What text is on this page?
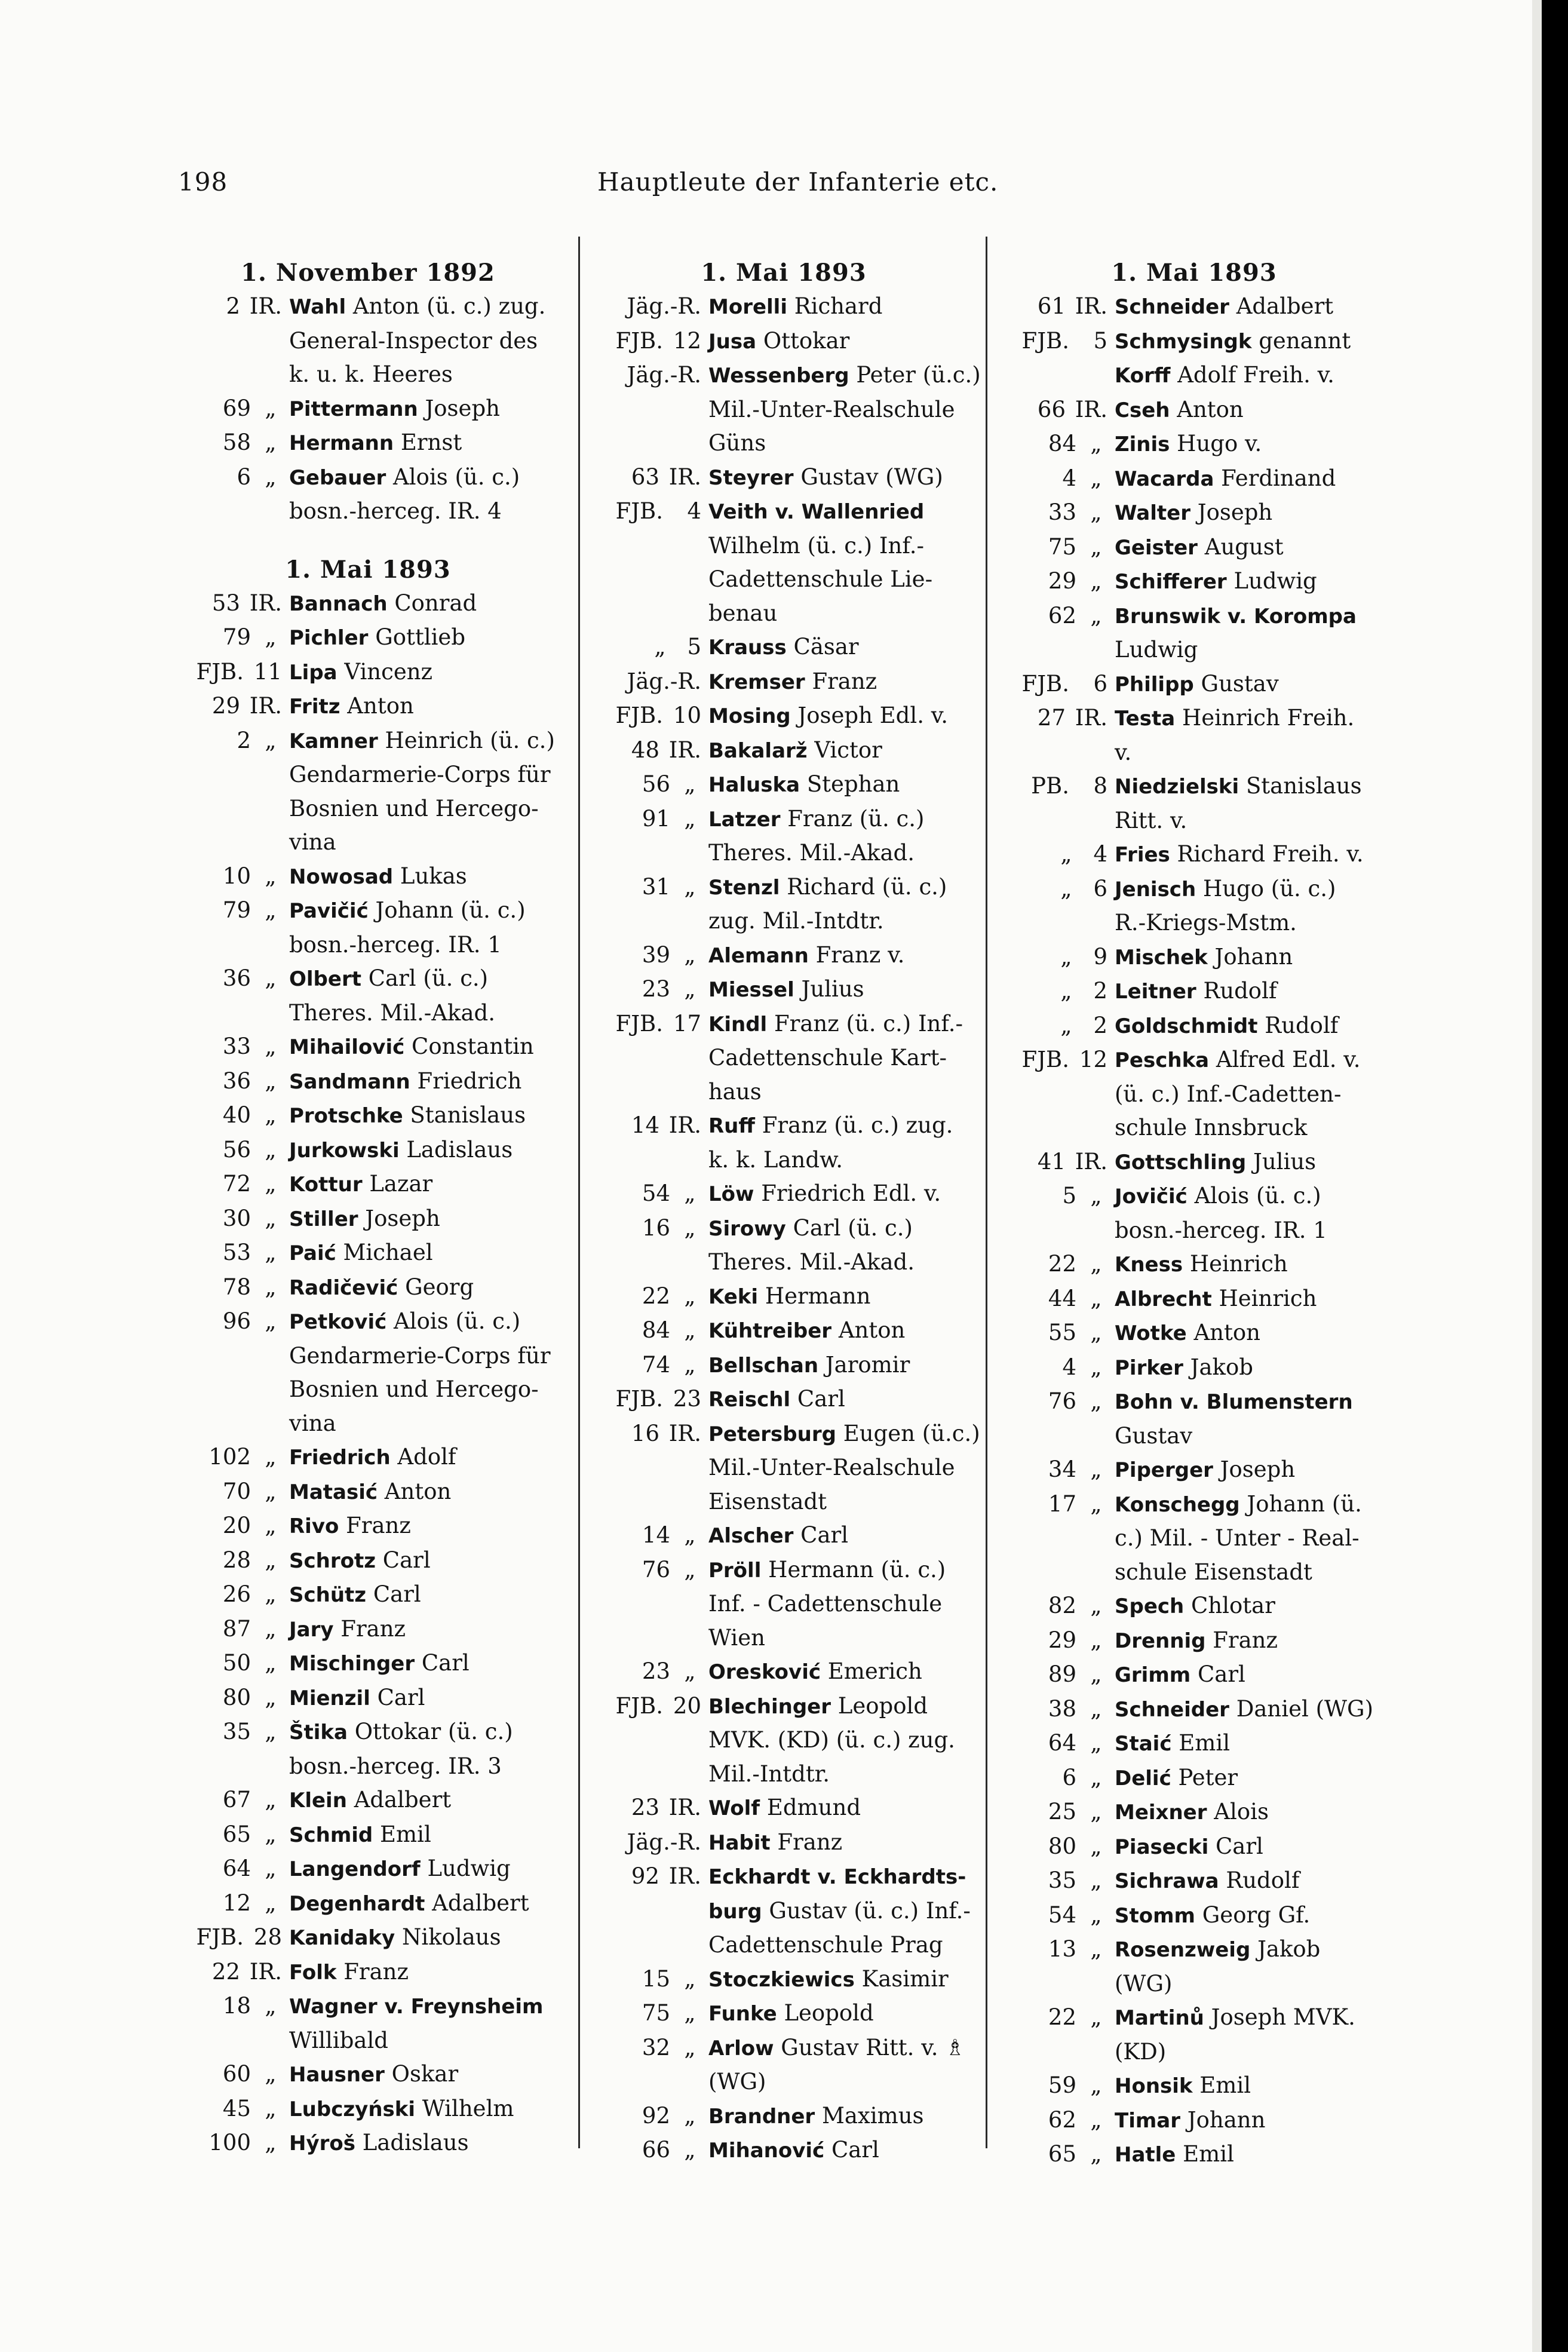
198	Hauptleute der Infanterie etc.
1. November 1892
2 IR. Wahl Anton (ü. c.) zug.
General-Inspector des
k. u. k. Heeres
69 „ Pittermann Joseph
58 „ Hermann Ernst
6 „ Gebauer Alois (ü. c.)
bosn.-herceg. IR. 4
1. Mai 1893
53 IR. Bannach Conrad
79 „ Pichler Gottlieb
FJB. 11 Lipa Vincenz
29 IR. Fritz Anton
2 „ Kamner Heinrich (ü. c.)
Gendarmerie-Corps für
Bosnien und Hercego-
vina
10 „ Nowosad Lukas
79 „ Pavičić Johann (ü. c.)
bosn.-herceg. IR. 1
36 „ Olbert Carl (ü. c.)
Theres. Mil.-Akad.
33 „ Mihailović Constantin
36 „ Sandmann Friedrich
40 „ Protschke Stanislaus
56 „ Jurkowski Ladislaus
72 „ Kottur Lazar
30 „ Stiller Joseph
53 „ Paić Michael
78 „ Radičević Georg
96 „ Petković Alois (ü. c.)
Gendarmerie-Corps für
Bosnien und Hercego-
vina
102 „ Friedrich Adolf
70 „ Matasić Anton
20 „ Rivo Franz
28 „ Schrotz Carl
26 „ Schütz Carl
87 „ Jary Franz
50 „ Mischinger Carl
80 „ Mienzil Carl
35 „ Štika Ottokar (ü. c.)
bosn.-herceg. IR. 3
67 „ Klein Adalbert
65 „ Schmid Emil
64 „ Langendorf Ludwig
12 „ Degenhardt Adalbert
FJB. 28 Kanidaky Nikolaus
22 IR. Folk Franz
18 „ Wagner v. Freynsheim
Willibald
60 „ Hausner Oskar
45 „ Lubczyński Wilhelm
100 „ Hýroš Ladislaus
1. Mai 1893
Jäg.-R. Morelli Richard
FJB. 12 Jusa Ottokar
Jäg.-R. Wessenberg Peter (ü.c.)
Mil.-Unter-Realschule
Güns
63 IR. Steyrer Gustav (WG)
FJB.	4 Veith v. Wallenried
Wilhelm (ü. c.) Inf.-
Cadettenschule Lie-
benau
„ 5 Krauss Cäsar
Jäg.-R. Kremser Franz
FJB. 10 Mosing Joseph Edl. v.
48 IR. Bakalarž Victor
56 „ Haluska Stephan
91 „ Latzer Franz (ü. c.)
Theres. Mil.-Akad.
31 „ Stenzl Richard (ü. c.)
zug. Mil.-Intdtr.
39 „ Alemann Franz v.
23 „ Miessel Julius
FJB. 17 Kindl Franz (ü. c.) Inf.-
Cadettenschule Kart-
haus
14 IR. Ruff Franz (ü. c.) zug.
k. k. Landw.
54 „ Löw Friedrich Edl. v.
16 „ Sirowy Carl (ü. c.)
Theres. Mil.-Akad.
22 „ Keki Hermann
84 „ Kühtreiber Anton
74 „ Bellschan Jaromir
FJB. 23 Reischl Carl
16 IR. Petersburg Eugen (ü.c.)
Mil.-Unter-Realschule
Eisenstadt
14 „ Alscher Carl
76 „ Pröll Hermann (ü. c.)
Inf. - Cadettenschule
Wien
23 „ Oresković Emerich
FJB. 20 Blechinger Leopold
MVK. (KD) (ü. c.) zug.
Mil.-Intdtr.
23 IR. Wolf Edmund
Jäg.-R. Habit Franz
92 IR. Eckhardt v. Eckhardts-
burg Gustav (ü. c.) Inf.-
Cadettenschule Prag
15 „ Stoczkiewics Kasimir
75 „ Funke Leopold
32 „ Arlow Gustav Ritt. v. ♗
(WG)
92 „ Brandner Maximus
66 „ Mihanović Carl
1. Mai 1893
61 IR. Schneider Adalbert
FJB.	5 Schmysingk genannt
Korff Adolf Freih. v.
66 IR. Cseh Anton
84 „ Zinis Hugo v.
4 „ Wacarda Ferdinand
33 „ Walter Joseph
75 „ Geister August
29 „ Schifferer Ludwig
62 „ Brunswik v. Korompa
Ludwig
FJB.	6 Philipp Gustav
27 IR. Testa Heinrich Freih.
v.
PB.	8 Niedzielski Stanislaus
Ritt. v.
„ 4 Fries Richard Freih. v.
„ 6 Jenisch Hugo (ü. c.)
R.-Kriegs-Mstm.
„ 9 Mischek Johann
„ 2 Leitner Rudolf
„ 2 Goldschmidt Rudolf
FJB. 12 Peschka Alfred Edl. v.
(ü. c.) Inf.-Cadetten-
schule Innsbruck
41 IR. Gottschling Julius
5 „ Jovičić Alois (ü. c.)
bosn.-herceg. IR. 1
22 „ Kness Heinrich
44 „ Albrecht Heinrich
55 „ Wotke Anton
4 „ Pirker Jakob
76 „ Bohn v. Blumenstern
Gustav
34 „ Piperger Joseph
17 „ Konschegg Johann (ü.
c.) Mil. - Unter - Real-
schule Eisenstadt
82 „ Spech Chlotar
29 „ Drennig Franz
89 „ Grimm Carl
38 „ Schneider Daniel (WG)
64 „ Staić Emil
6 „ Delić Peter
25 „ Meixner Alois
80 „ Piasecki Carl
35 „ Sichrawa Rudolf
54 „ Stomm Georg Gf.
13 „ Rosenzweig Jakob
(WG)
22 „ Martinů Joseph MVK.
(KD)
59 „ Honsik Emil
62 „ Timar Johann
65 „ Hatle Emil
